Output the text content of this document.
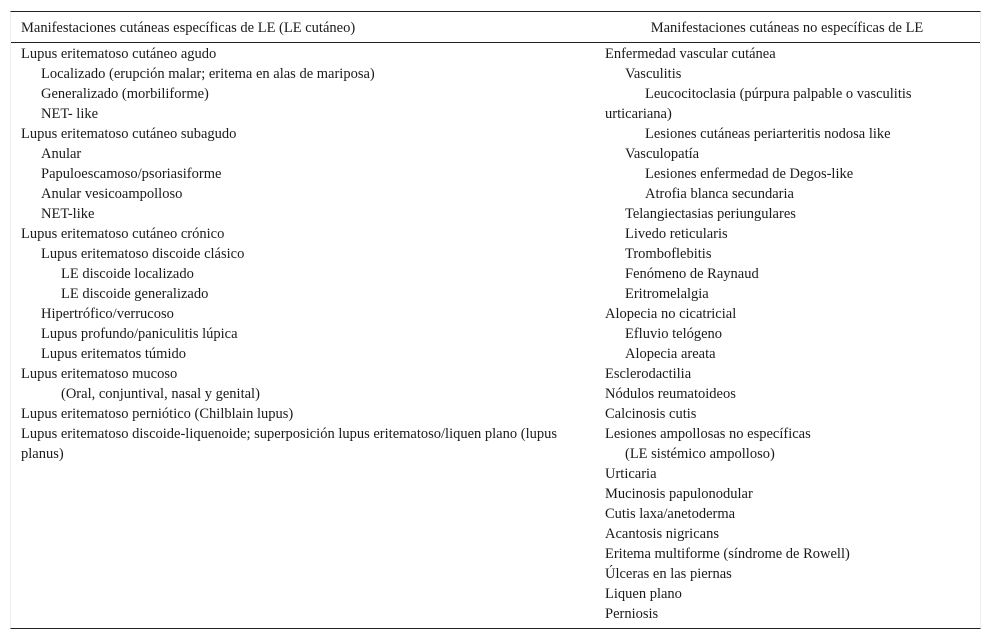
Manifestaciones cutáneas específicas de LE (LE cutáneo)	Manifestaciones cutáneas no específicas de LE
Lupus eritematoso cutáneo agudo
Localizado (erupción malar; eritema en alas de mariposa)
Generalizado (morbiliforme)
NET- like
Lupus eritematoso cutáneo subagudo
Anular
Papuloescamoso/psoriasiforme
Anular vesicoampolloso
NET-like
Lupus eritematoso cutáneo crónico
Lupus eritematoso discoide clásico
LE discoide localizado
LE discoide generalizado
Hipertrófico/verrucoso
Lupus profundo/paniculitis lúpica
Lupus eritematos túmido
Lupus eritematoso mucoso
(Oral, conjuntival, nasal y genital)
Lupus eritematoso perniótico (Chilblain lupus)
Lupus eritematoso discoide-liquenoide; superposición lupus eritematoso/liquen plano (lupus planus)
Enfermedad vascular cutánea
Vasculitis
Leucocitoclasia (púrpura palpable o vasculitis urticariana)
Lesiones cutáneas periarteritis nodosa like
Vasculopatía
Lesiones enfermedad de Degos-like
Atrofia blanca secundaria
Telangiectasias periungulares
Livedo reticularis
Tromboflebitis
Fenómeno de Raynaud
Eritromelalgia
Alopecia no cicatricial
Efluvio telógeno
Alopecia areata
Esclerodactilia
Nódulos reumatoideos
Calcinosis cutis
Lesiones ampollosas no específicas
(LE sistémico ampolloso)
Urticaria
Mucinosis papulonodular
Cutis laxa/anetoderma
Acantosis nigricans
Eritema multiforme (síndrome de Rowell)
Úlceras en las piernas
Liquen plano
Perniosis
